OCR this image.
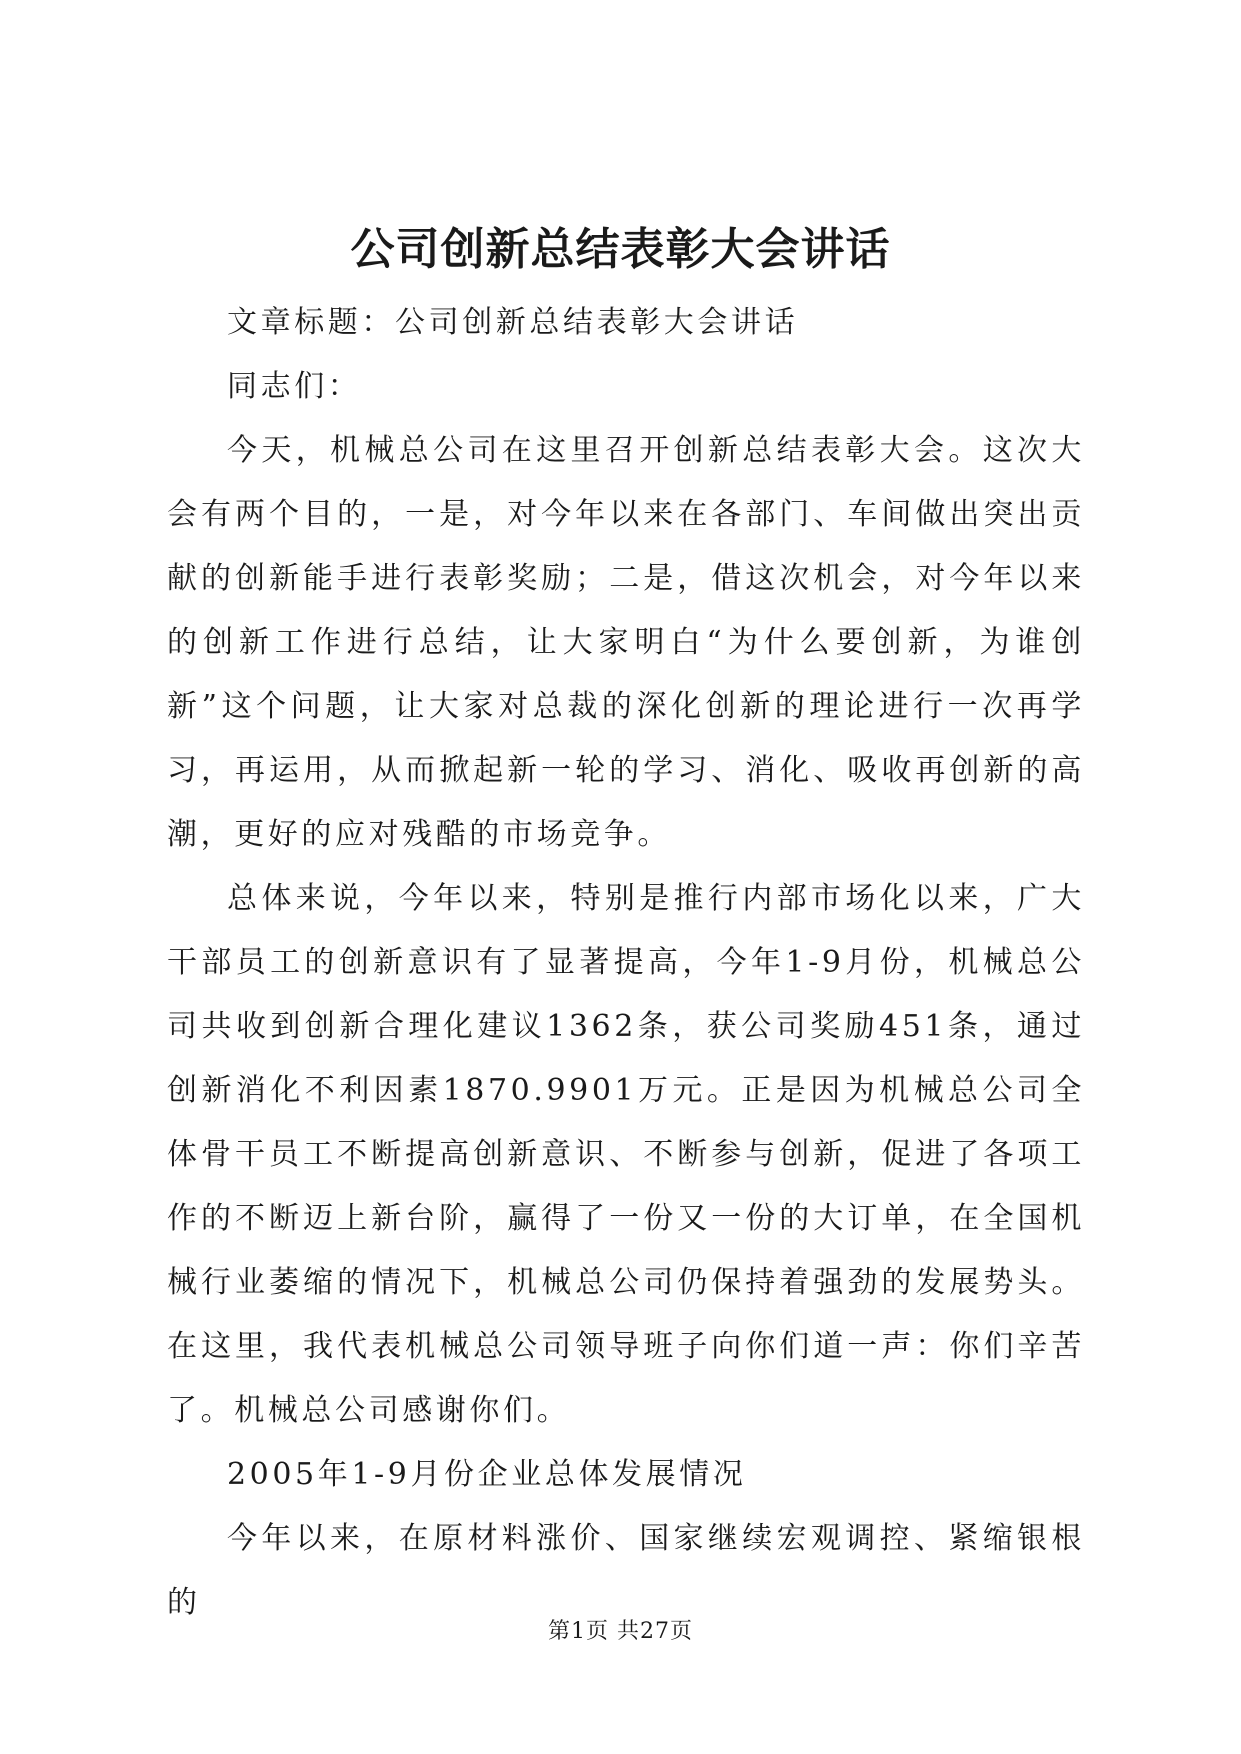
公司创新总结表彰大会讲话

文章标题：公司创新总结表彰大会讲话

同志们：

今天，机械总公司在这里召开创新总结表彰大会。这次大会有两个目的，一是，对今年以来在各部门、车间做出突出贡献的创新能手进行表彰奖励；二是，借这次机会，对今年以来的创新工作进行总结，让大家明白“为什么要创新，为谁创新”这个问题，让大家对总裁的深化创新的理论进行一次再学习，再运用，从而掀起新一轮的学习、消化、吸收再创新的高潮，更好的应对残酷的市场竞争。

总体来说，今年以来，特别是推行内部市场化以来，广大干部员工的创新意识有了显著提高，今年1-9月份，机械总公司共收到创新合理化建议1362条，获公司奖励451条，通过创新消化不利因素1870.9901万元。正是因为机械总公司全体骨干员工不断提高创新意识、不断参与创新，促进了各项工作的不断迈上新台阶，赢得了一份又一份的大订单，在全国机械行业萎缩的情况下，机械总公司仍保持着强劲的发展势头。在这里，我代表机械总公司领导班子向你们道一声：你们辛苦了。机械总公司感谢你们。

2005年1-9月份企业总体发展情况

今年以来，在原材料涨价、国家继续宏观调控、紧缩银根的

第1页 共27页
